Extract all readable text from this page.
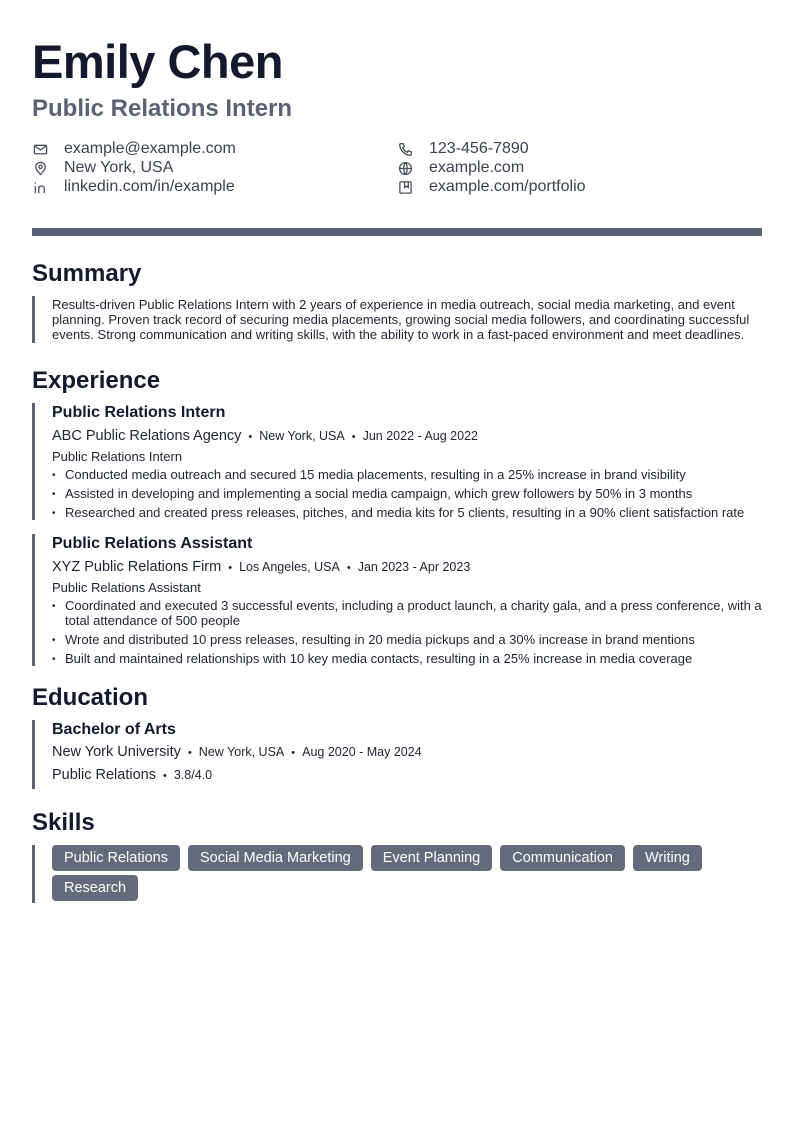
Emily Chen
Public Relations Intern
example@example.com	123-456-7890
New York, USA	example.com
linkedin.com/in/example	example.com/portfolio
Summary
Results-driven Public Relations Intern with 2 years of experience in media outreach, social media marketing, and event planning. Proven track record of securing media placements, growing social media followers, and coordinating successful events. Strong communication and writing skills, with the ability to work in a fast-paced environment and meet deadlines.
Experience
Public Relations Intern
ABC Public Relations Agency • New York, USA • Jun 2022 - Aug 2022
Public Relations Intern
• Conducted media outreach and secured 15 media placements, resulting in a 25% increase in brand visibility
• Assisted in developing and implementing a social media campaign, which grew followers by 50% in 3 months
• Researched and created press releases, pitches, and media kits for 5 clients, resulting in a 90% client satisfaction rate
Public Relations Assistant
XYZ Public Relations Firm • Los Angeles, USA • Jan 2023 - Apr 2023
Public Relations Assistant
• Coordinated and executed 3 successful events, including a product launch, a charity gala, and a press conference, with a total attendance of 500 people
• Wrote and distributed 10 press releases, resulting in 20 media pickups and a 30% increase in brand mentions
• Built and maintained relationships with 10 key media contacts, resulting in a 25% increase in media coverage
Education
Bachelor of Arts
New York University • New York, USA • Aug 2020 - May 2024
Public Relations • 3.8/4.0
Skills
Public Relations	Social Media Marketing	Event Planning	Communication	Writing
Research
